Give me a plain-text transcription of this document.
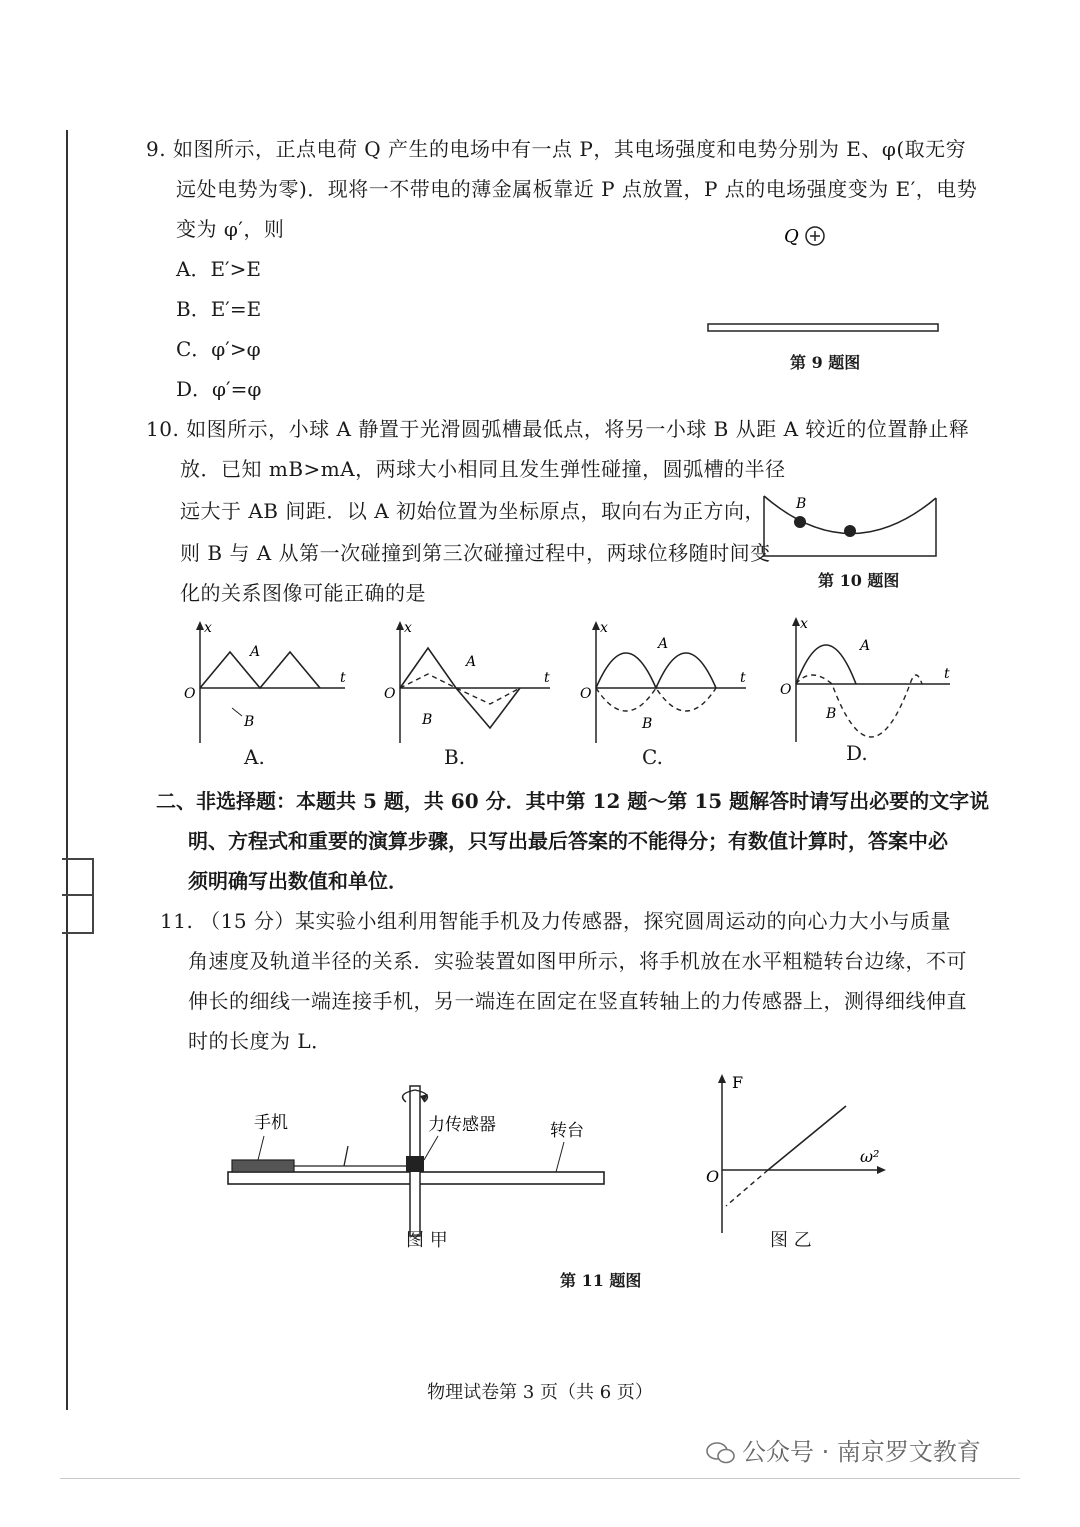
9. 如图所示，正点电荷 Q 产生的电场中有一点 P，其电场强度和电势分别为 E、φ(取无穷
远处电势为零)．现将一不带电的薄金属板靠近 P 点放置，P 点的电场强度变为 E′，电势
变为 φ′，则
A．E′>E
B．E′=E
C．φ′>φ
D．φ′=φ
Q
第 9 题图
10. 如图所示，小球 A 静置于光滑圆弧槽最低点，将另一小球 B 从距 A 较近的位置静止释
放．已知 mB>mA，两球大小相同且发生弹性碰撞，圆弧槽的半径
远大于 AB 间距．以 A 初始位置为坐标原点，取向右为正方向，
则 B 与 A 从第一次碰撞到第三次碰撞过程中，两球位移随时间变
化的关系图像可能正确的是
B
第 10 题图
x
t
O
A
B
A.
x
t
O
A
B
B.
x
t
O
A
B
C.
x
t
O
A
B
D.
二、非选择题：本题共 5 题，共 60 分．其中第 12 题～第 15 题解答时请写出必要的文字说
明、方程式和重要的演算步骤，只写出最后答案的不能得分；有数值计算时，答案中必
须明确写出数值和单位．
11. （15 分）某实验小组利用智能手机及力传感器，探究圆周运动的向心力大小与质量
角速度及轨道半径的关系．实验装置如图甲所示，将手机放在水平粗糙转台边缘，不可
伸长的细线一端连接手机，另一端连在固定在竖直转轴上的力传感器上，测得细线伸直
时的长度为 L．
手机	力传感器	转台
图 甲
F
ω²
O
图 乙
第 11 题图
物理试卷第 3 页（共 6 页）
公众号 · 南京罗文教育
